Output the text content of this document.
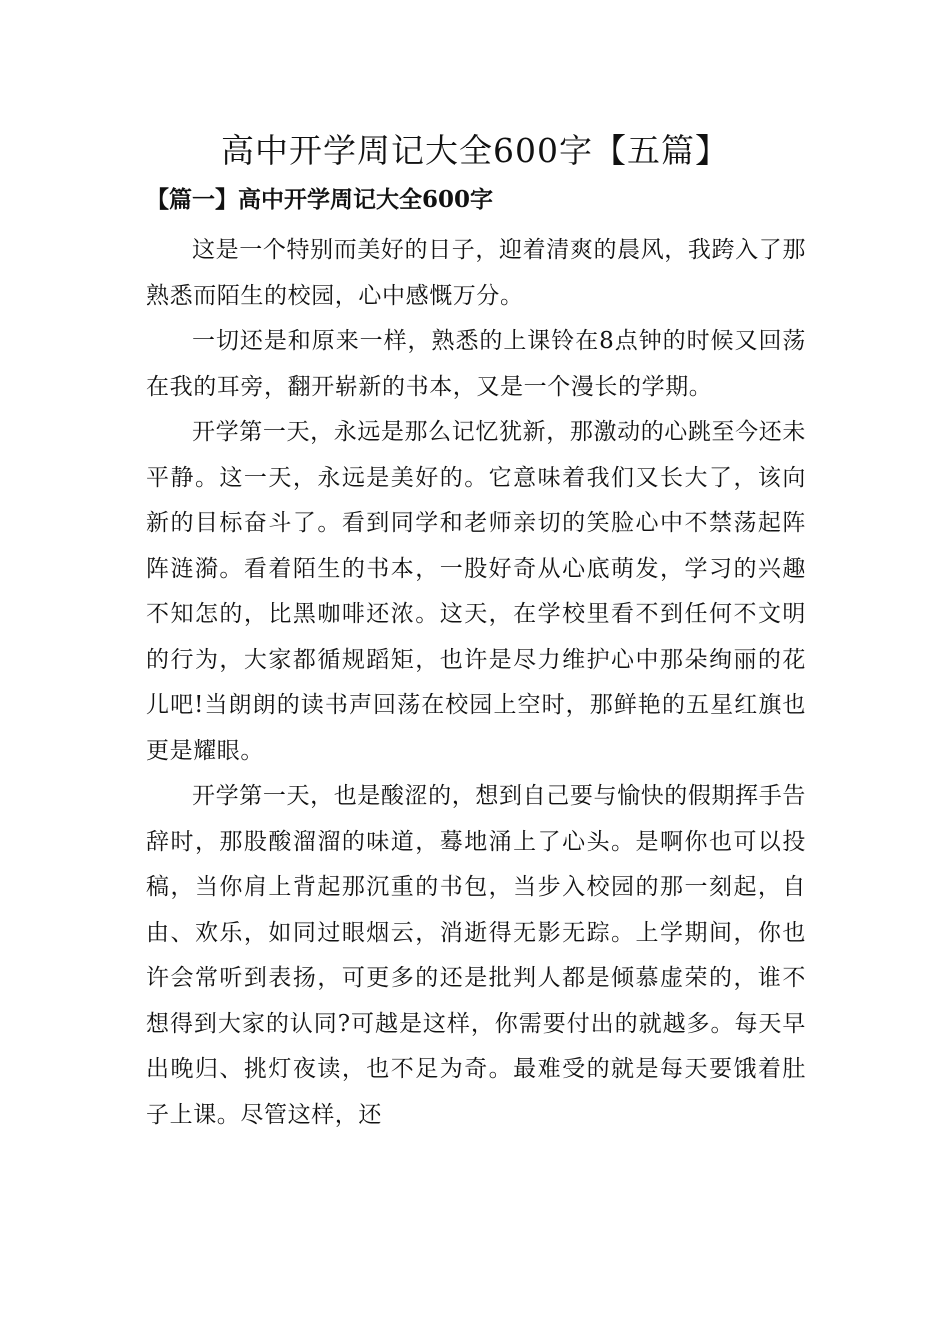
高中开学周记大全600字【五篇】
【篇一】高中开学周记大全600字

这是一个特别而美好的日子，迎着清爽的晨风，我跨入了那熟悉而陌生的校园，心中感慨万分。

一切还是和原来一样，熟悉的上课铃在8点钟的时候又回荡在我的耳旁，翻开崭新的书本，又是一个漫长的学期。

开学第一天，永远是那么记忆犹新，那激动的心跳至今还未平静。这一天，永远是美好的。它意味着我们又长大了，该向新的目标奋斗了。看到同学和老师亲切的笑脸心中不禁荡起阵阵涟漪。看着陌生的书本，一股好奇从心底萌发，学习的兴趣不知怎的，比黑咖啡还浓。这天，在学校里看不到任何不文明的行为，大家都循规蹈矩，也许是尽力维护心中那朵绚丽的花儿吧!当朗朗的读书声回荡在校园上空时，那鲜艳的五星红旗也更是耀眼。

开学第一天，也是酸涩的，想到自己要与愉快的假期挥手告辞时，那股酸溜溜的味道，蓦地涌上了心头。是啊你也可以投稿，当你肩上背起那沉重的书包，当步入校园的那一刻起，自由、欢乐，如同过眼烟云，消逝得无影无踪。上学期间，你也许会常听到表扬，可更多的还是批判人都是倾慕虚荣的，谁不想得到大家的认同?可越是这样，你需要付出的就越多。每天早出晚归、挑灯夜读，也不足为奇。最难受的就是每天要饿着肚子上课。尽管这样，还
